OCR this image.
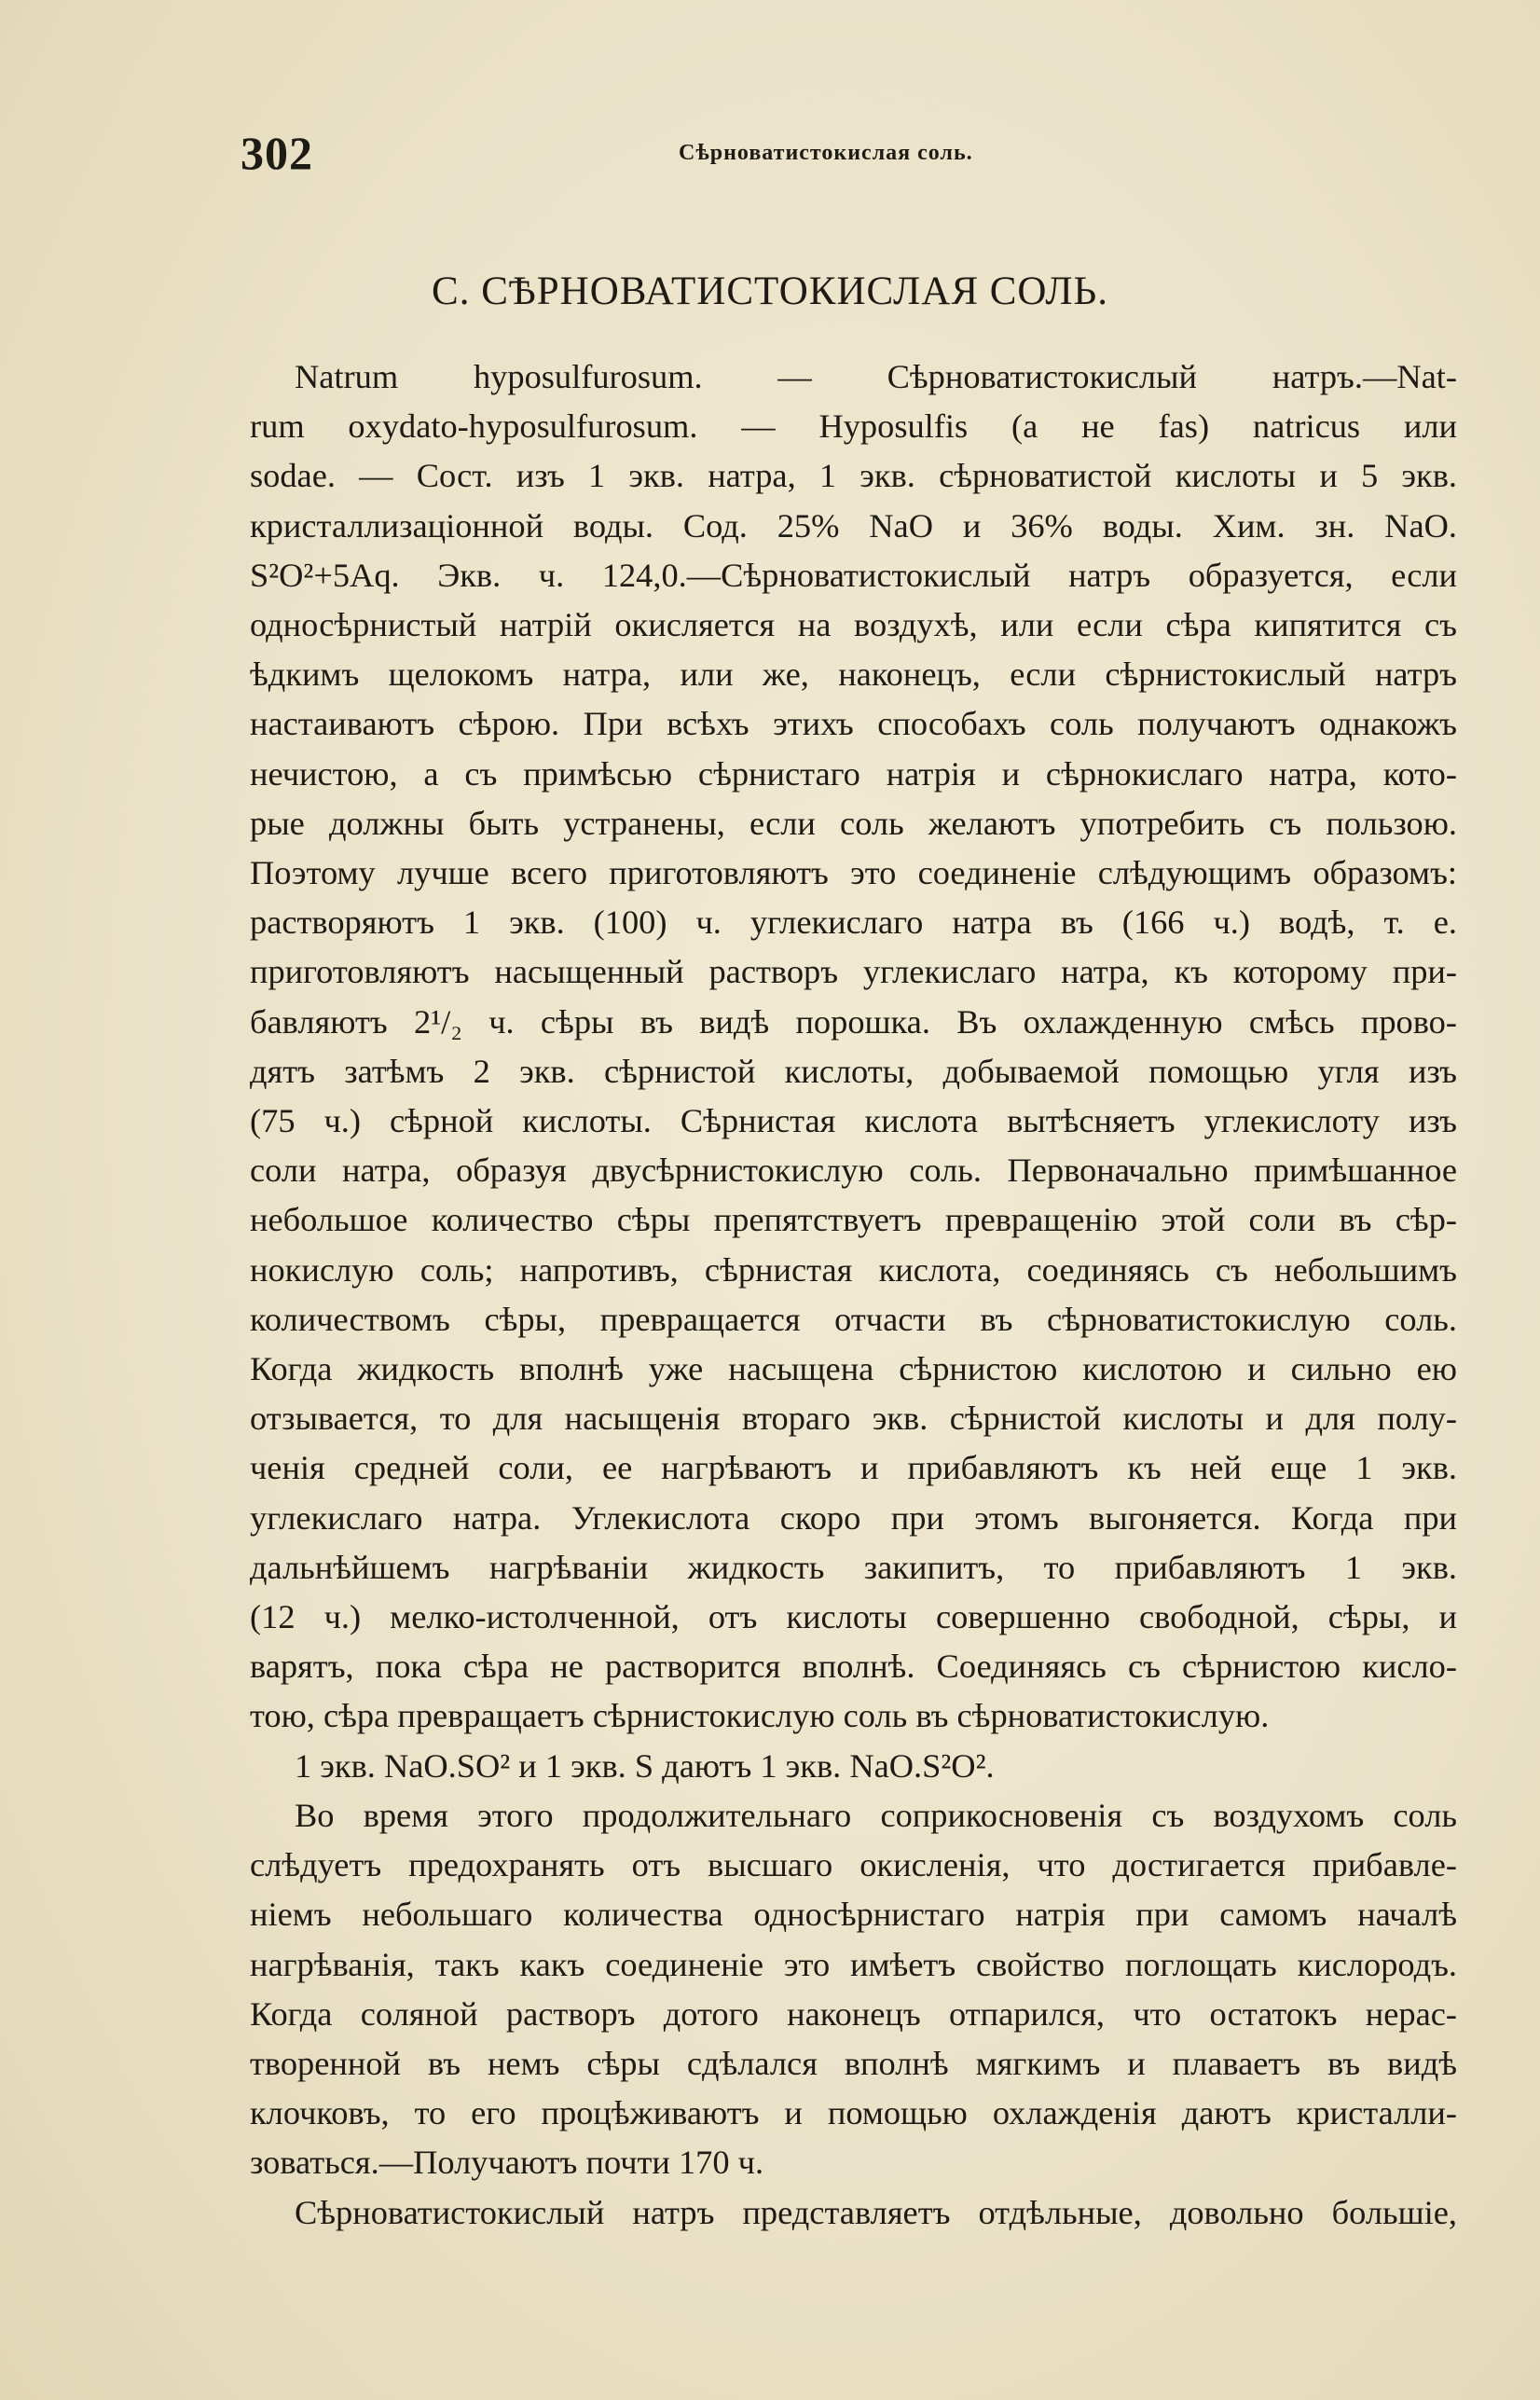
302	Сѣрноватистокислая соль.
С. СѢРНОВАТИСТОКИСЛАЯ СОЛЬ.
Natrum hyposulfurosum. — Сѣрноватистокислый натръ.—Nat-
rum oxydato-hyposulfurosum. — Hyposulfis (а не fas) natricus или
sodae. — Сост. изъ 1 экв. натра, 1 экв. сѣрноватистой кислоты и 5 экв.
кристаллизаціонной воды. Сод. 25% NaO и 36% воды. Хим. зн. NaO.
S²O²+5Aq. Экв. ч. 124,0.—Сѣрноватистокислый натръ образуется, если
односѣрнистый натрій окисляется на воздухѣ, или если сѣра кипятится съ
ѣдкимъ щелокомъ натра, или же, наконецъ, если сѣрнистокислый натръ
настаиваютъ сѣрою. При всѣхъ этихъ способахъ соль получаютъ однакожъ
нечистою, а съ примѣсью сѣрнистаго натрія и сѣрнокислаго натра, кото-
рые должны быть устранены, если соль желаютъ употребить съ пользою.
Поэтому лучше всего приготовляютъ это соединеніе слѣдующимъ образомъ:
растворяютъ 1 экв. (100) ч. углекислаго натра въ (166 ч.) водѣ, т. е.
приготовляютъ насыщенный растворъ углекислаго натра, къ которому при-
бавляютъ 2¹/₂ ч. сѣры въ видѣ порошка. Въ охлажденную смѣсь прово-
дятъ затѣмъ 2 экв. сѣрнистой кислоты, добываемой помощью угля изъ
(75 ч.) сѣрной кислоты. Сѣрнистая кислота вытѣсняетъ углекислоту изъ
соли натра, образуя двусѣрнистокислую соль. Первоначально примѣшанное
небольшое количество сѣры препятствуетъ превращенію этой соли въ сѣр-
нокислую соль; напротивъ, сѣрнистая кислота, соединяясь съ небольшимъ
количествомъ сѣры, превращается отчасти въ сѣрноватистокислую соль.
Когда жидкость вполнѣ уже насыщена сѣрнистою кислотою и сильно ею
отзывается, то для насыщенія втораго экв. сѣрнистой кислоты и для полу-
ченія средней соли, ее нагрѣваютъ и прибавляютъ къ ней еще 1 экв.
углекислаго натра. Углекислота скоро при этомъ выгоняется. Когда при
дальнѣйшемъ нагрѣваніи жидкость закипитъ, то прибавляютъ 1 экв.
(12 ч.) мелко-истолченной, отъ кислоты совершенно свободной, сѣры, и
варятъ, пока сѣра не растворится вполнѣ. Соединяясь съ сѣрнистою кисло-
тою, сѣра превращаетъ сѣрнистокислую соль въ сѣрноватистокислую.
1 экв. NaO.SO² и 1 экв. S даютъ 1 экв. NaO.S²O².
Во время этого продолжительнаго соприкосновенія съ воздухомъ соль
слѣдуетъ предохранять отъ высшаго окисленія, что достигается прибавле-
ніемъ небольшаго количества односѣрнистаго натрія при самомъ началѣ
нагрѣванія, такъ какъ соединеніе это имѣетъ свойство поглощать кислородъ.
Когда соляной растворъ дотого наконецъ отпарился, что остатокъ нерас-
творенной въ немъ сѣры сдѣлался вполнѣ мягкимъ и плаваетъ въ видѣ
клочковъ, то его процѣживаютъ и помощью охлажденія даютъ кристалли-
зоваться.—Получаютъ почти 170 ч.
Сѣрноватистокислый натръ представляетъ отдѣльные, довольно большіе,
